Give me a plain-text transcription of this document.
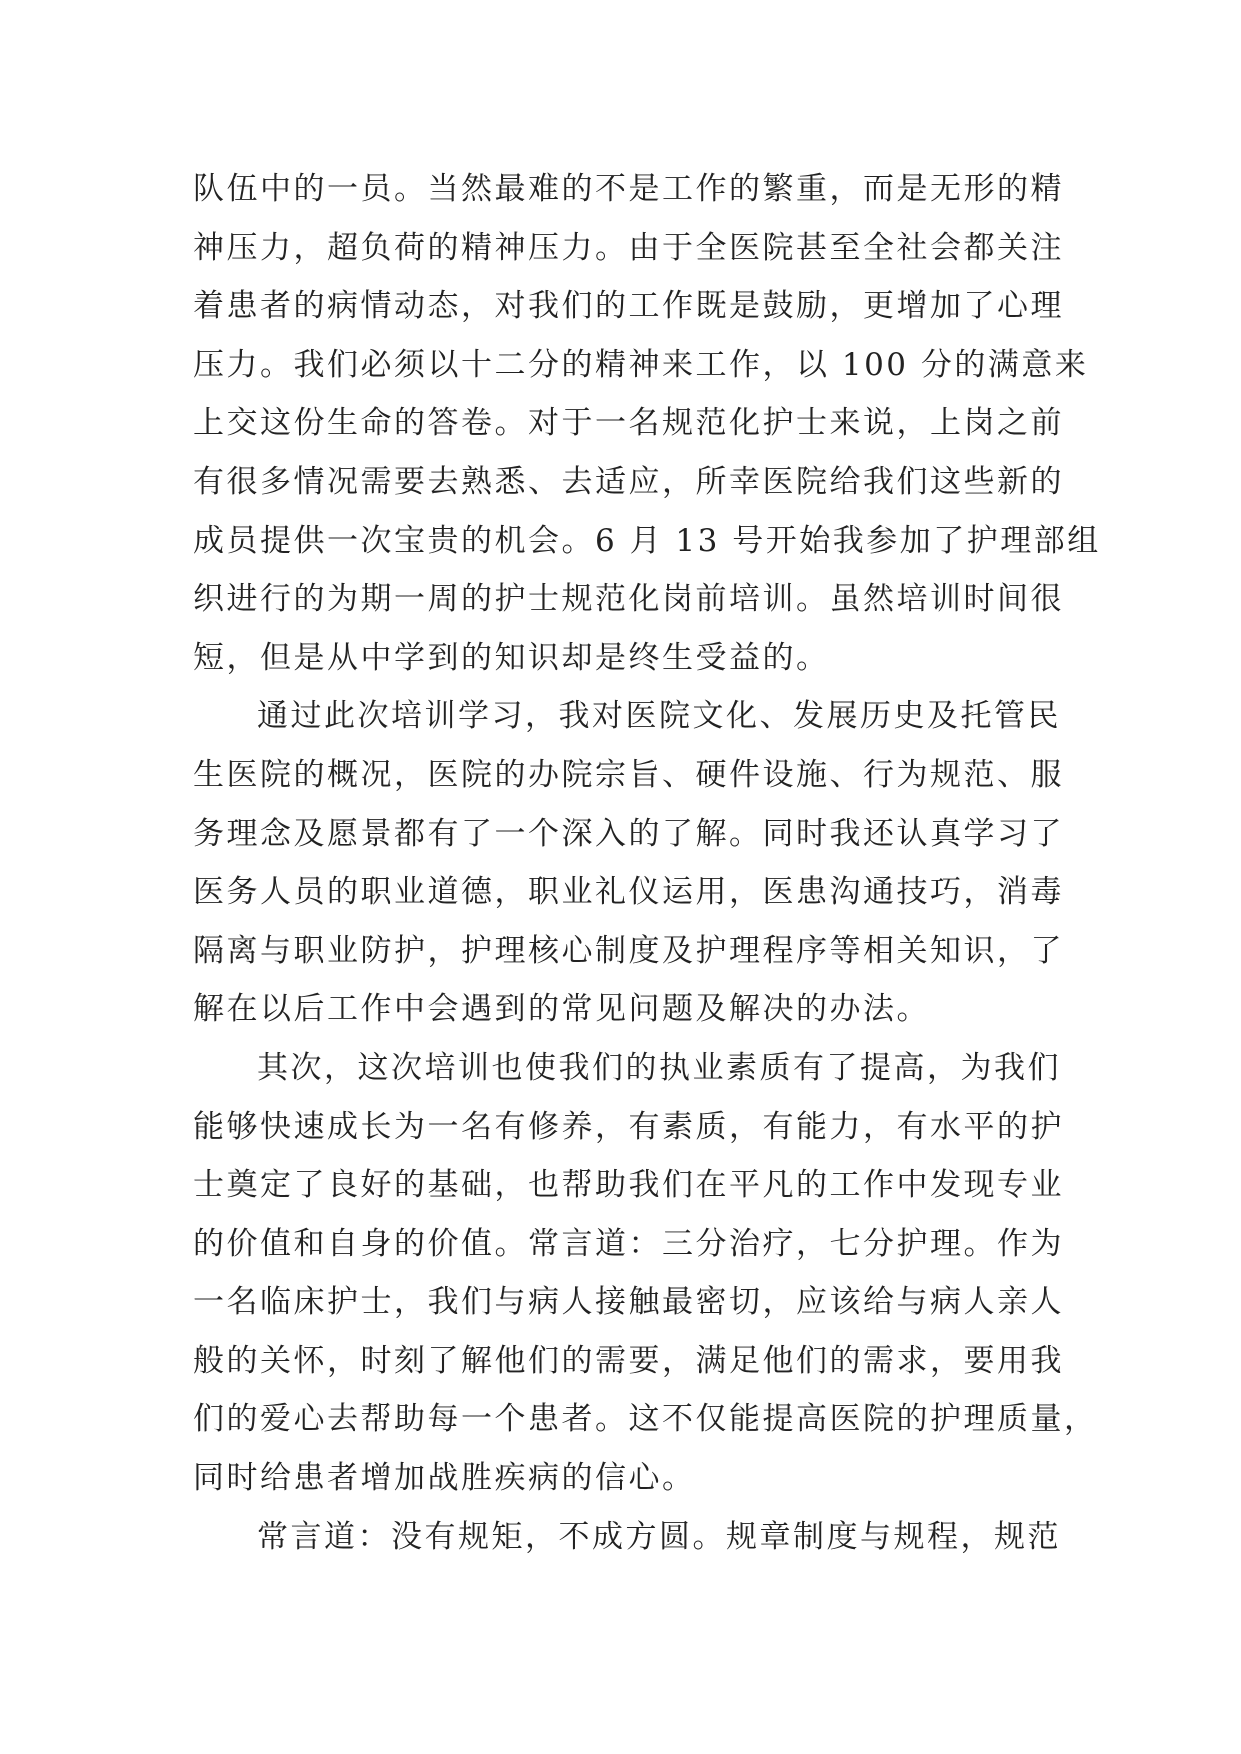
队伍中的一员。当然最难的不是工作的繁重，而是无形的精
神压力，超负荷的精神压力。由于全医院甚至全社会都关注
着患者的病情动态，对我们的工作既是鼓励，更增加了心理
压力。我们必须以十二分的精神来工作，以 100 分的满意来
上交这份生命的答卷。对于一名规范化护士来说，上岗之前
有很多情况需要去熟悉、去适应，所幸医院给我们这些新的
成员提供一次宝贵的机会。6 月 13 号开始我参加了护理部组
织进行的为期一周的护士规范化岗前培训。虽然培训时间很
短，但是从中学到的知识却是终生受益的。
通过此次培训学习，我对医院文化、发展历史及托管民
生医院的概况，医院的办院宗旨、硬件设施、行为规范、服
务理念及愿景都有了一个深入的了解。同时我还认真学习了
医务人员的职业道德，职业礼仪运用，医患沟通技巧，消毒
隔离与职业防护，护理核心制度及护理程序等相关知识，了
解在以后工作中会遇到的常见问题及解决的办法。
其次，这次培训也使我们的执业素质有了提高，为我们
能够快速成长为一名有修养，有素质，有能力，有水平的护
士奠定了良好的基础，也帮助我们在平凡的工作中发现专业
的价值和自身的价值。常言道：三分治疗，七分护理。作为
一名临床护士，我们与病人接触最密切，应该给与病人亲人
般的关怀，时刻了解他们的需要，满足他们的需求，要用我
们的爱心去帮助每一个患者。这不仅能提高医院的护理质量，
同时给患者增加战胜疾病的信心。
常言道：没有规矩，不成方圆。规章制度与规程，规范
